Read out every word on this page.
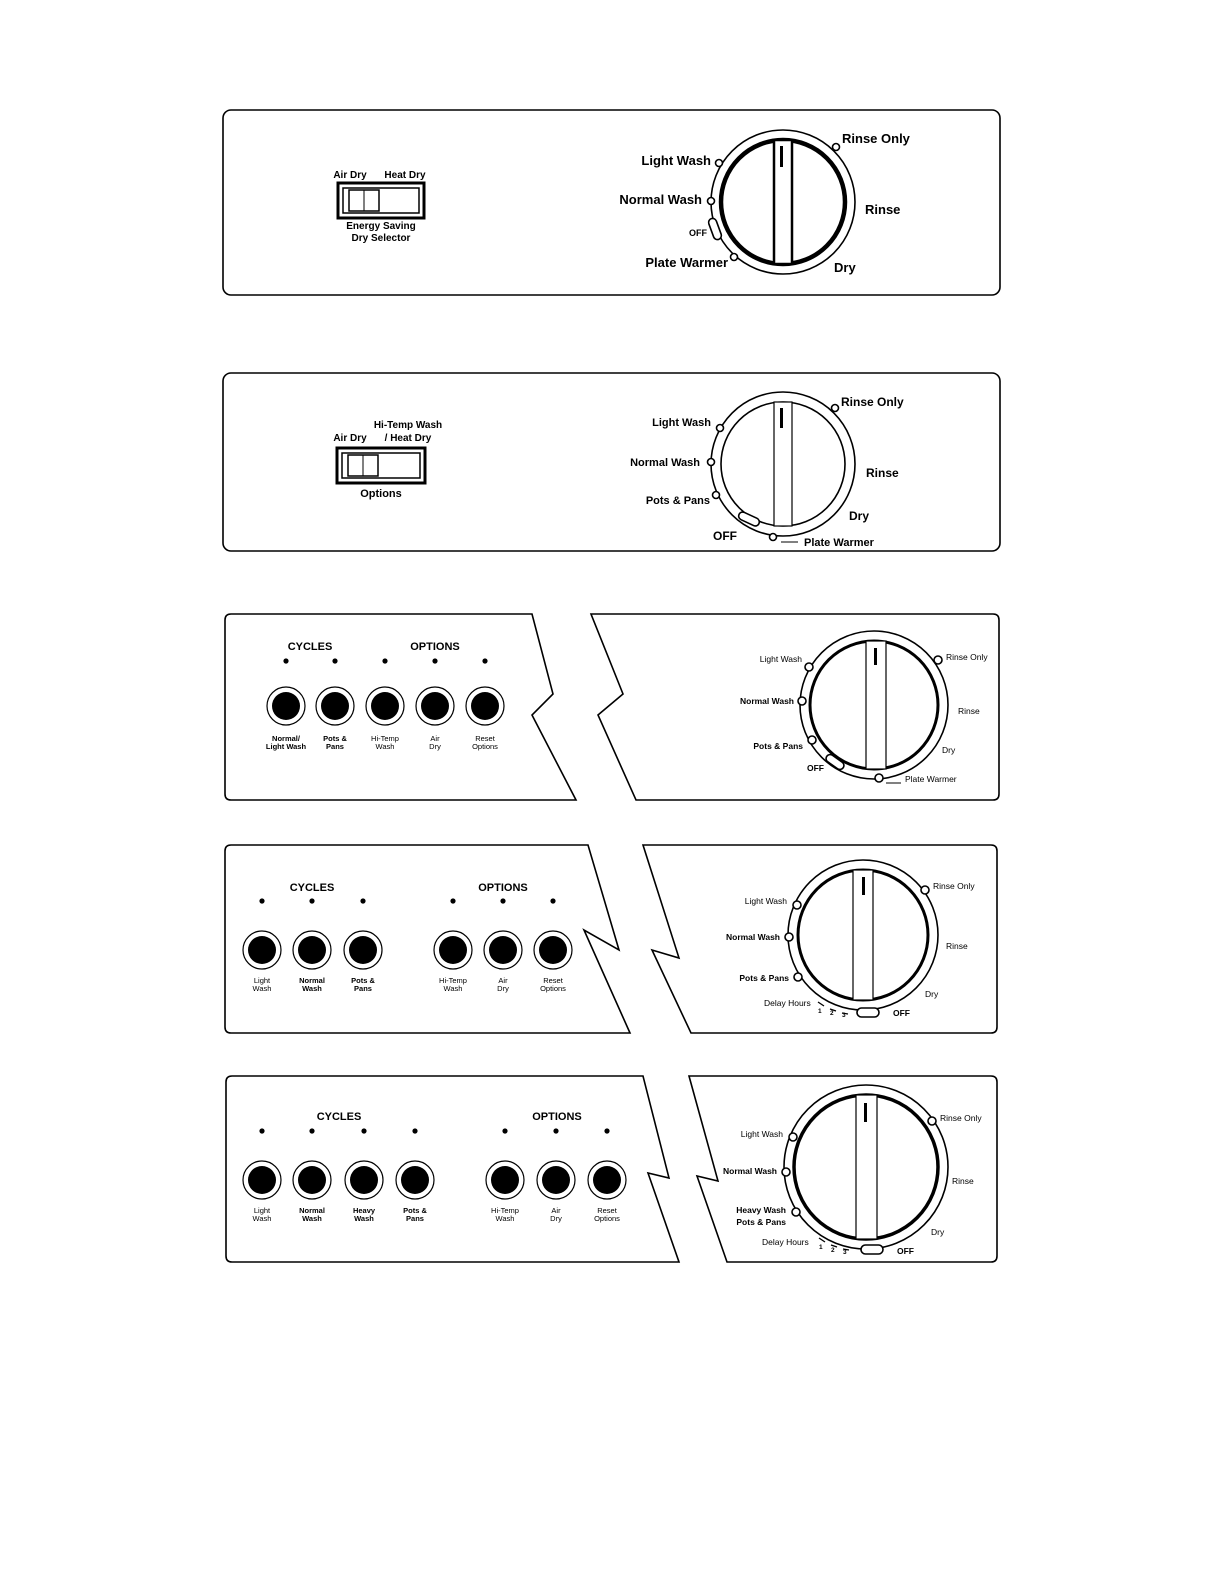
Air Dry Heat Dry
Energy Saving
Dry Selector
Light Wash
Normal Wash
OFF
Plate Warmer
Rinse Only
Rinse
Dry
Air Dry
Hi-Temp Wash
/ Heat Dry
Options
Light Wash
Normal Wash
Pots & Pans
OFF	Plate Warmer
Rinse Only
Rinse
Dry
CYCLES	OPTIONS
Normal/
Light Wash
Pots &
Pans
Hi-Temp
Wash
Air
Dry
Reset
Options
Light Wash
Normal Wash
Pots & Pans
OFF
Plate Warmer
Rinse Only
Rinse
Dry
CYCLES	OPTIONS
Light
Wash
Normal
Wash
Pots &
Pans
Hi-Temp
Wash
Air
Dry
Reset
Options
Light Wash
Normal Wash
Pots & Pans
Delay Hours
1 2 3	OFF
Rinse Only
Rinse
Dry
CYCLES	OPTIONS
Light
Wash
Normal
Wash
Heavy
Wash
Pots &
Pans
Hi-Temp
Wash
Air
Dry
Reset
Options
Light Wash
Normal Wash
Heavy Wash
Pots & Pans
Delay Hours
1 2 3	OFF
Rinse Only
Rinse
Dry
